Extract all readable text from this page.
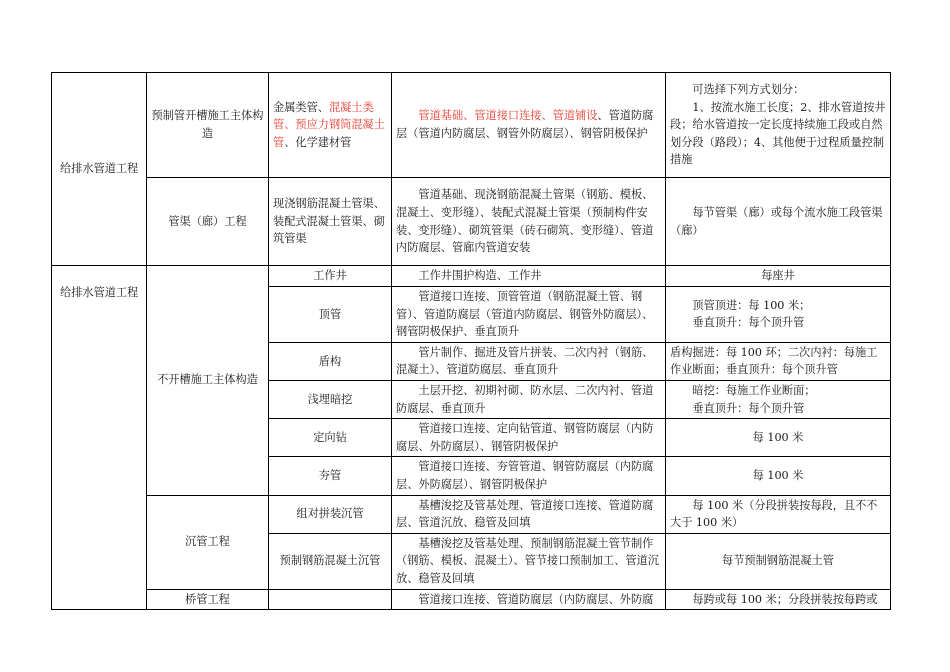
给排水管道工程	预制管开槽施工主体构造	金属类管、混凝土类管、预应力钢筒混凝土管、化学建材管	管道基础、管道接口连接、管道铺设、管道防腐层（管道内防腐层、钢管外防腐层）、钢管阴极保护	可选择下列方式划分：
1、按流水施工长度；2、排水管道按井段；给水管道按一定长度持续施工段或自然划分段（路段）；4、其他便于过程质量控制措施

	管渠（廊）工程	现浇钢筋混凝土管渠、装配式混凝土管渠、砌筑管渠	管道基础、现浇钢筋混凝土管渠（钢筋、模板、混凝土、变形缝）、装配式混凝土管渠（预制构件安装、变形缝）、砌筑管渠（砖石砌筑、变形缝）、管道内防腐层、管廊内管道安装	每节管渠（廊）或每个流水施工段管渠（廊）
给排水管道工程	不开槽施工主体构造	工作井	工作井围护构造、工作井	每座井
		顶管	管道接口连接、顶管管道（钢筋混凝土管、钢管）、管道防腐层（管道内防腐层、钢管外防腐层）、钢管阴极保护、垂直顶升	顶管顶进：每 100 米；
垂直顶升：每个顶升管

		盾构	管片制作、掘进及管片拼装、二次内衬（钢筋、混凝土）、管道防腐层、垂直顶升	盾构掘进：每 100 环；二次内衬：每施工作业断面；垂直顶升：每个顶升管
		浅埋暗挖	土层开挖、初期衬砌、防水层、二次内衬、管道防腐层、垂直顶升	暗挖：每施工作业断面；
垂直顶升：每个顶升管

		定向钻	管道接口连接、定向钻管道、钢管防腐层（内防腐层、外防腐层）、钢管阴极保护	每 100 米
		夯管	管道接口连接、夯管管道、钢管防腐层（内防腐层、外防腐层）、钢管阴极保护	每 100 米
	沉管工程	组对拼装沉管	基槽浚挖及管基处理、管道接口连接、管道防腐层、管道沉放、稳管及回填	每 100 米（分段拼装按每段，且不不大于 100 米）
		预制钢筋混凝土沉管	基槽浚挖及管基处理、预制钢筋混凝土管节制作（钢筋、模板、混凝土）、管节接口预制加工、管道沉放、稳管及回填	每节预制钢筋混凝土管
	桥管工程		管道接口连接、管道防腐层（内防腐层、外防腐	每跨或每 100 米；分段拼装按每跨或
